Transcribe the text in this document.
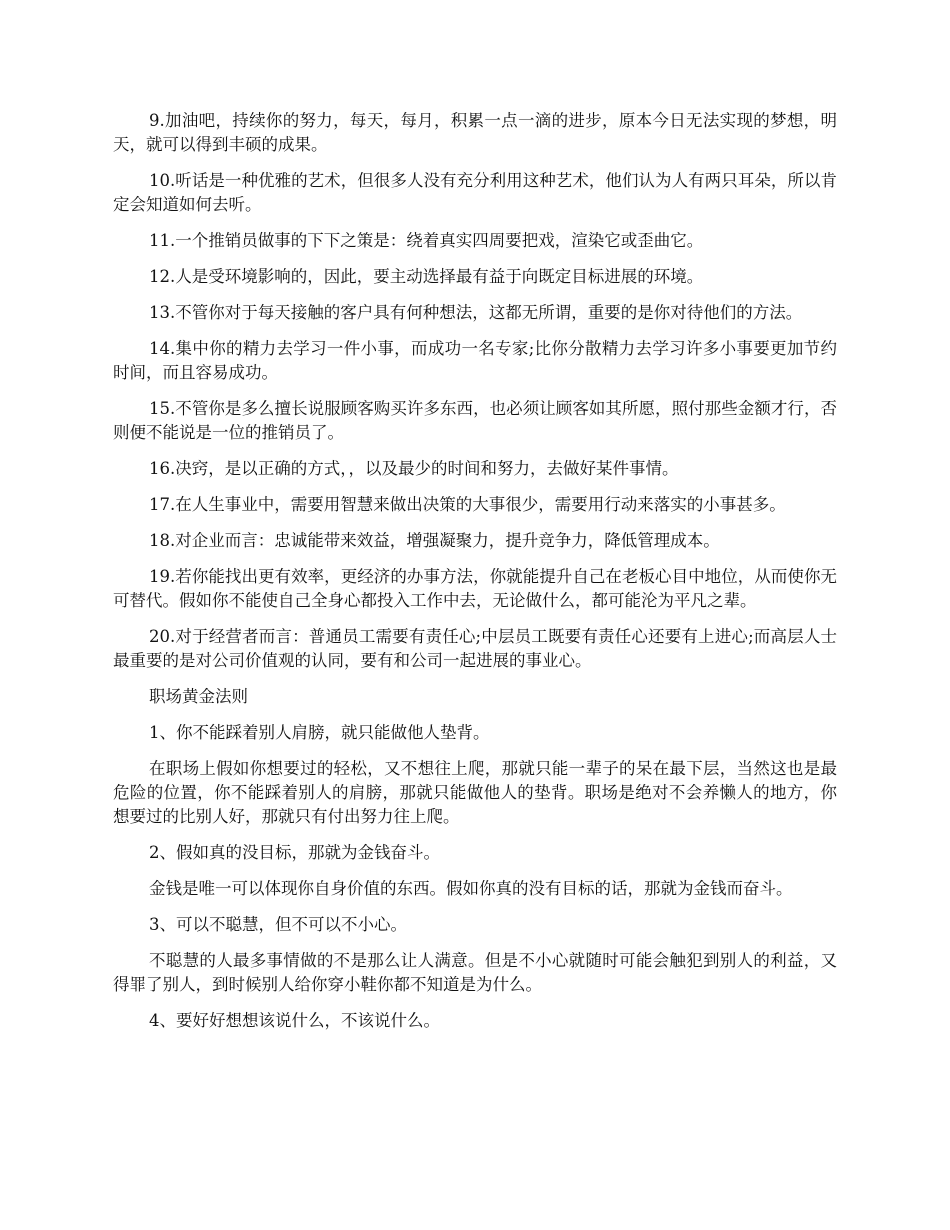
9.加油吧，持续你的努力，每天，每月，积累一点一滴的进步，原本今日无法实现的梦想，明天，就可以得到丰硕的成果。

10.听话是一种优雅的艺术，但很多人没有充分利用这种艺术，他们认为人有两只耳朵，所以肯定会知道如何去听。

11.一个推销员做事的下下之策是：绕着真实四周要把戏，渲染它或歪曲它。

12.人是受环境影响的，因此，要主动选择最有益于向既定目标进展的环境。

13.不管你对于每天接触的客户具有何种想法，这都无所谓，重要的是你对待他们的方法。

14.集中你的精力去学习一件小事，而成功一名专家;比你分散精力去学习许多小事要更加节约时间，而且容易成功。

15.不管你是多么擅长说服顾客购买许多东西，也必须让顾客如其所愿，照付那些金额才行，否则便不能说是一位的推销员了。

16.决窍，是以正确的方式，，以及最少的时间和努力，去做好某件事情。

17.在人生事业中，需要用智慧来做出决策的大事很少，需要用行动来落实的小事甚多。

18.对企业而言：忠诚能带来效益，增强凝聚力，提升竞争力，降低管理成本。

19.若你能找出更有效率，更经济的办事方法，你就能提升自己在老板心目中地位，从而使你无可替代。假如你不能使自己全身心都投入工作中去，无论做什么，都可能沦为平凡之辈。

20.对于经营者而言：普通员工需要有责任心;中层员工既要有责任心还要有上进心;而高层人士最重要的是对公司价值观的认同，要有和公司一起进展的事业心。

职场黄金法则

1、你不能踩着别人肩膀，就只能做他人垫背。

在职场上假如你想要过的轻松，又不想往上爬，那就只能一辈子的呆在最下层，当然这也是最危险的位置，你不能踩着别人的肩膀，那就只能做他人的垫背。职场是绝对不会养懒人的地方，你想要过的比别人好，那就只有付出努力往上爬。

2、假如真的没目标，那就为金钱奋斗。

金钱是唯一可以体现你自身价值的东西。假如你真的没有目标的话，那就为金钱而奋斗。

3、可以不聪慧，但不可以不小心。

不聪慧的人最多事情做的不是那么让人满意。但是不小心就随时可能会触犯到别人的利益，又得罪了别人，到时候别人给你穿小鞋你都不知道是为什么。

4、要好好想想该说什么，不该说什么。
